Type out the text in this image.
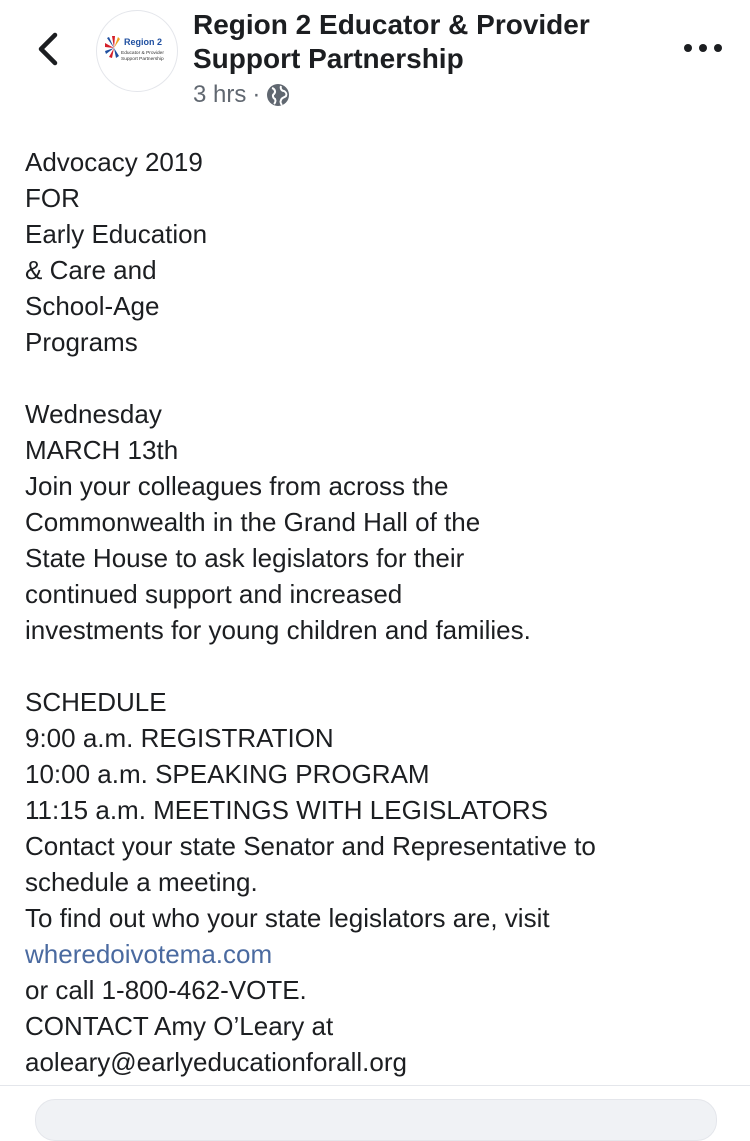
Region 2
Educator & Provider
Support Partnership
Region 2 Educator & Provider Support Partnership
3 hrs ·
Advocacy 2019
FOR
Early Education
& Care and
School-Age
Programs
Wednesday
MARCH 13th
Join your colleagues from across the
Commonwealth in the Grand Hall of the
State House to ask legislators for their
continued support and increased
investments for young children and families.
SCHEDULE
9:00 a.m. REGISTRATION
10:00 a.m. SPEAKING PROGRAM
11:15 a.m. MEETINGS WITH LEGISLATORS
Contact your state Senator and Representative to
schedule a meeting.
To find out who your state legislators are, visit
wheredoivotema.com
or call 1-800-462-VOTE.
CONTACT Amy O’Leary at
aoleary@earlyeducationforall.org
